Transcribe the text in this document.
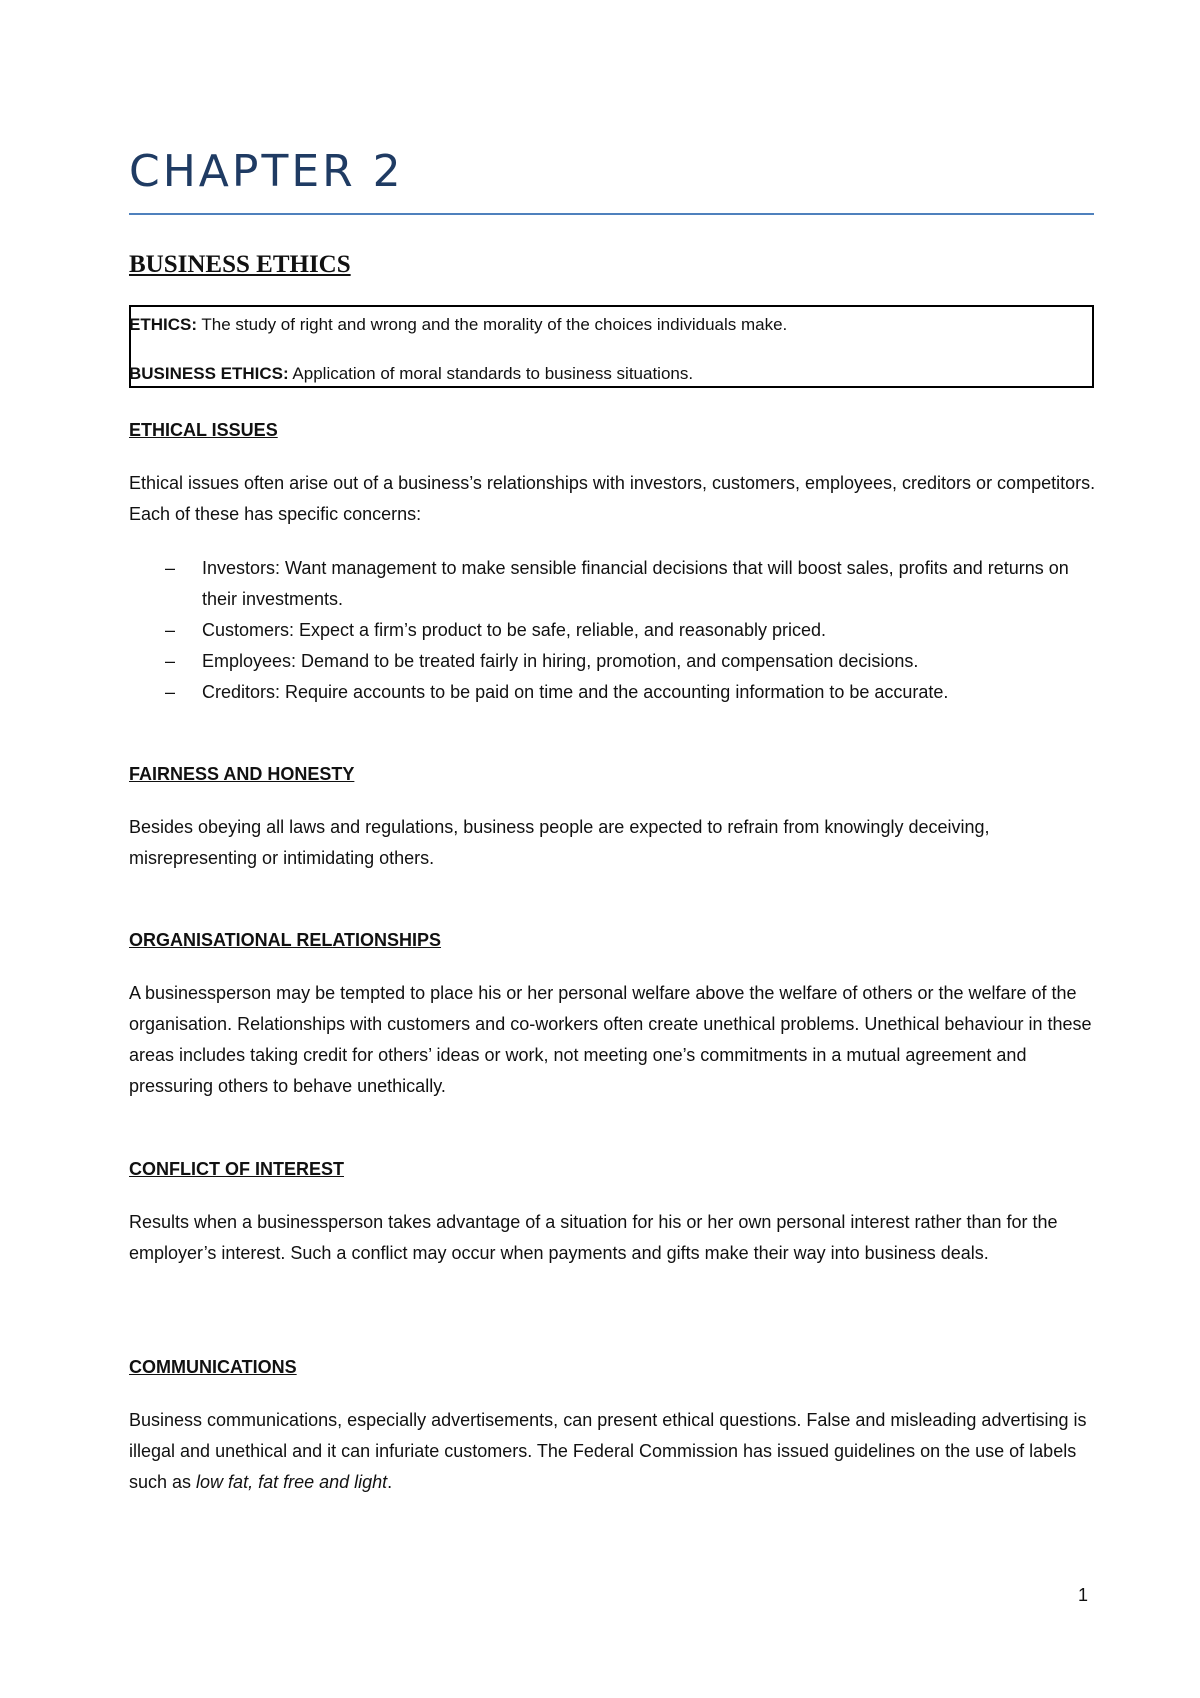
CHAPTER 2
BUSINESS ETHICS
ETHICS: The study of right and wrong and the morality of the choices individuals make.
BUSINESS ETHICS: Application of moral standards to business situations.
ETHICAL ISSUES
Ethical issues often arise out of a business’s relationships with investors, customers, employees, creditors or competitors. Each of these has specific concerns:
– Investors: Want management to make sensible financial decisions that will boost sales, profits and returns on their investments.
– Customers: Expect a firm’s product to be safe, reliable, and reasonably priced.
– Employees: Demand to be treated fairly in hiring, promotion, and compensation decisions.
– Creditors: Require accounts to be paid on time and the accounting information to be accurate.
FAIRNESS AND HONESTY
Besides obeying all laws and regulations, business people are expected to refrain from knowingly deceiving, misrepresenting or intimidating others.
ORGANISATIONAL RELATIONSHIPS
A businessperson may be tempted to place his or her personal welfare above the welfare of others or the welfare of the organisation. Relationships with customers and co-workers often create unethical problems. Unethical behaviour in these areas includes taking credit for others’ ideas or work, not meeting one’s commitments in a mutual agreement and pressuring others to behave unethically.
CONFLICT OF INTEREST
Results when a businessperson takes advantage of a situation for his or her own personal interest rather than for the employer’s interest. Such a conflict may occur when payments and gifts make their way into business deals.
COMMUNICATIONS
Business communications, especially advertisements, can present ethical questions. False and misleading advertising is illegal and unethical and it can infuriate customers. The Federal Commission has issued guidelines on the use of labels such as low fat, fat free and light.
1
